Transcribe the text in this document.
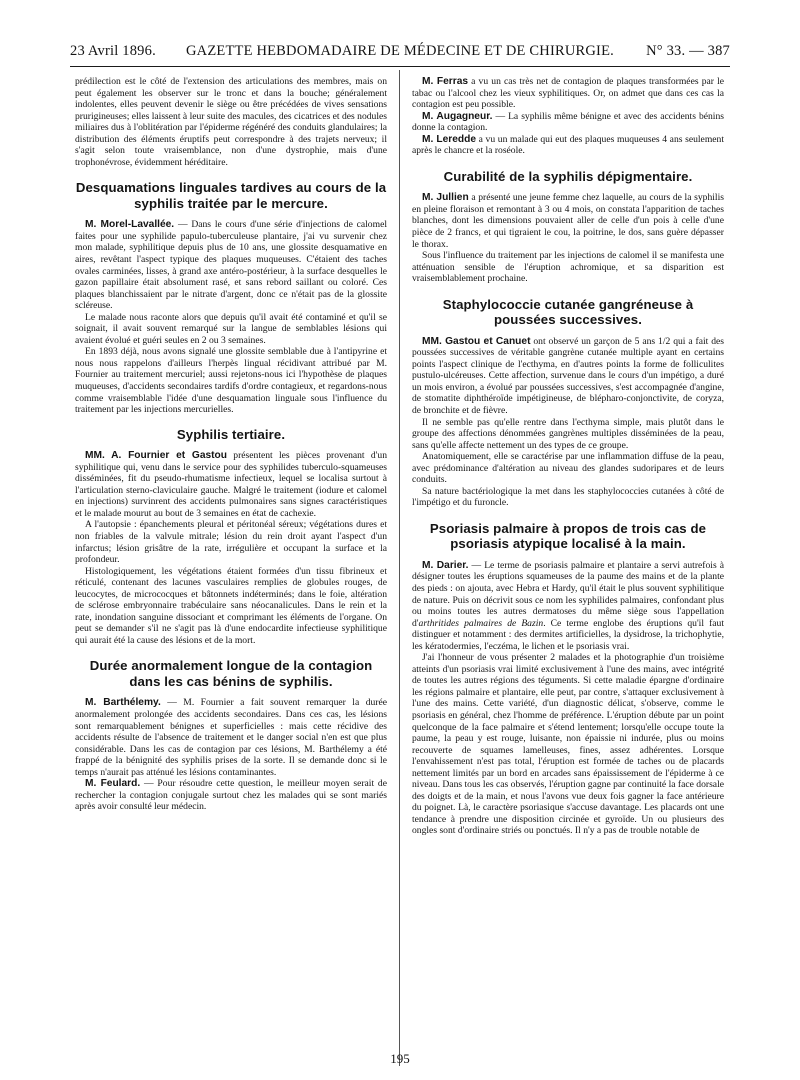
23 Avril 1896.	GAZETTE HEBDOMADAIRE DE MÉDECINE ET DE CHIRURGIE.	N° 33. — 387

prédilection est le côté de l'extension des articulations des membres, mais on peut également les observer sur le tronc et dans la bouche; généralement indolentes, elles peuvent devenir le siège ou être précédées de vives sensations prurigineuses; elles laissent à leur suite des macules, des cicatrices et des nodules miliaires dus à l'oblitération par l'épiderme régénéré des conduits glandulaires; la distribution des éléments éruptifs peut correspondre à des trajets nerveux; il s'agit selon toute vraisemblance, non d'une dystrophie, mais d'une trophonévrose, évidemment héréditaire.

Desquamations linguales tardives au cours de la syphilis traitée par le mercure.

M. Morel-Lavallée. — Dans le cours d'une série d'injections de calomel faites pour une syphilide papulo-tuberculeuse plantaire, j'ai vu survenir chez mon malade, syphilitique depuis plus de 10 ans, une glossite desquamative en aires, revêtant l'aspect typique des plaques muqueuses. C'étaient des taches ovales carminées, lisses, à grand axe antéro-postérieur, à la surface desquelles le gazon papillaire était absolument rasé, et sans rebord saillant ou coloré. Ces plaques blanchissaient par le nitrate d'argent, donc ce n'était pas de la glossite scléreuse.

Le malade nous raconte alors que depuis qu'il avait été contaminé et qu'il se soignait, il avait souvent remarqué sur la langue de semblables lésions qui avaient évolué et guéri seules en 2 ou 3 semaines.

En 1893 déjà, nous avons signalé une glossite semblable due à l'antipyrine et nous nous rappelons d'ailleurs l'herpès lingual récidivant attribué par M. Fournier au traitement mercuriel; aussi rejetons-nous ici l'hypothèse de plaques muqueuses, d'accidents secondaires tardifs d'ordre contagieux, et regardons-nous comme vraisemblable l'idée d'une desquamation linguale sous l'influence du traitement par les injections mercurielles.

Syphilis tertiaire.

MM. A. Fournier et Gastou présentent les pièces provenant d'un syphilitique qui, venu dans le service pour des syphilides tuberculo-squameuses disséminées, fit du pseudo-rhumatisme infectieux, lequel se localisa surtout à l'articulation sterno-claviculaire gauche. Malgré le traitement (iodure et calomel en injections) survinrent des accidents pulmonaires sans signes caractéristiques et le malade mourut au bout de 3 semaines en état de cachexie.

A l'autopsie : épanchements pleural et péritonéal séreux; végétations dures et non friables de la valvule mitrale; lésion du rein droit ayant l'aspect d'un infarctus; lésion grisâtre de la rate, irrégulière et occupant la surface et la profondeur.

Histologiquement, les végétations étaient formées d'un tissu fibrineux et réticulé, contenant des lacunes vasculaires remplies de globules rouges, de leucocytes, de micrococques et bâtonnets indéterminés; dans le foie, altération de sclérose embryonnaire trabéculaire sans néocanalicules. Dans le rein et la rate, inondation sanguine dissociant et comprimant les éléments de l'organe. On peut se demander s'il ne s'agit pas là d'une endocardite infectieuse syphilitique qui aurait été la cause des lésions et de la mort.

Durée anormalement longue de la contagion dans les cas bénins de syphilis.

M. Barthélemy. — M. Fournier a fait souvent remarquer la durée anormalement prolongée des accidents secondaires. Dans ces cas, les lésions sont remarquablement bénignes et superficielles : mais cette récidive des accidents résulte de l'absence de traitement et le danger social n'en est que plus considérable. Dans les cas de contagion par ces lésions, M. Barthélemy a été frappé de la bénignité des syphilis prises de la sorte. Il se demande donc si le temps n'aurait pas atténué les lésions contaminantes.

M. Feulard. — Pour résoudre cette question, le meilleur moyen serait de rechercher la contagion conjugale surtout chez les malades qui se sont mariés après avoir consulté leur médecin.

M. Ferras a vu un cas très net de contagion de plaques transformées par le tabac ou l'alcool chez les vieux syphilitiques. Or, on admet que dans ces cas la contagion est peu possible.

M. Augagneur. — La syphilis même bénigne et avec des accidents bénins donne la contagion.

M. Leredde a vu un malade qui eut des plaques muqueuses 4 ans seulement après le chancre et la roséole.

Curabilité de la syphilis dépigmentaire.

M. Jullien a présenté une jeune femme chez laquelle, au cours de la syphilis en pleine floraison et remontant à 3 ou 4 mois, on constata l'apparition de taches blanches, dont les dimensions pouvaient aller de celle d'un pois à celle d'une pièce de 2 francs, et qui tigraient le cou, la poitrine, le dos, sans guère dépasser le thorax.

Sous l'influence du traitement par les injections de calomel il se manifesta une atténuation sensible de l'éruption achromique, et sa disparition est vraisemblablement prochaine.

Staphylococcie cutanée gangréneuse à poussées successives.

MM. Gastou et Canuet ont observé un garçon de 5 ans 1/2 qui a fait des poussées successives de véritable gangrène cutanée multiple ayant en certains points l'aspect clinique de l'ecthyma, en d'autres points la forme de folliculites pustulo-ulcéreuses. Cette affection, survenue dans le cours d'un impétigo, a duré un mois environ, a évolué par poussées successives, s'est accompagnée d'angine, de stomatite diphthéroïde impétigineuse, de blépharo-conjonctivite, de coryza, de bronchite et de fièvre.

Il ne semble pas qu'elle rentre dans l'ecthyma simple, mais plutôt dans le groupe des affections dénommées gangrènes multiples disséminées de la peau, sans qu'elle affecte nettement un des types de ce groupe.

Anatomiquement, elle se caractérise par une inflammation diffuse de la peau, avec prédominance d'altération au niveau des glandes sudoripares et de leurs conduits.

Sa nature bactériologique la met dans les staphylococcies cutanées à côté de l'impétigo et du furoncle.

Psoriasis palmaire à propos de trois cas de psoriasis atypique localisé à la main.

M. Darier. — Le terme de psoriasis palmaire et plantaire a servi autrefois à désigner toutes les éruptions squameuses de la paume des mains et de la plante des pieds : on ajouta, avec Hebra et Hardy, qu'il était le plus souvent syphilitique de nature. Puis on décrivit sous ce nom les syphilides palmaires, confondant plus ou moins toutes les autres dermatoses du même siège sous l'appellation d'arthritides palmaires de Bazin. Ce terme englobe des éruptions qu'il faut distinguer et notamment : des dermites artificielles, la dysidrose, la trichophytie, les kératodermies, l'eczéma, le lichen et le psoriasis vrai.

J'ai l'honneur de vous présenter 2 malades et la photographie d'un troisième atteints d'un psoriasis vrai limité exclusivement à l'une des mains, avec intégrité de toutes les autres régions des téguments. Si cette maladie épargne d'ordinaire les régions palmaire et plantaire, elle peut, par contre, s'attaquer exclusivement à l'une des mains. Cette variété, d'un diagnostic délicat, s'observe, comme le psoriasis en général, chez l'homme de préférence. L'éruption débute par un point quelconque de la face palmaire et s'étend lentement; lorsqu'elle occupe toute la paume, la peau y est rouge, luisante, non épaissie ni indurée, plus ou moins recouverte de squames lamelleuses, fines, assez adhérentes. Lorsque l'envahissement n'est pas total, l'éruption est formée de taches ou de placards nettement limités par un bord en arcades sans épaississement de l'épiderme à ce niveau. Dans tous les cas observés, l'éruption gagne par continuité la face dorsale des doigts et de la main, et nous l'avons vue deux fois gagner la face antérieure du poignet. Là, le caractère psoriasique s'accuse davantage. Les placards ont une tendance à prendre une disposition circinée et gyroïde. Un ou plusieurs des ongles sont d'ordinaire striés ou ponctués. Il n'y a pas de trouble notable de

195
